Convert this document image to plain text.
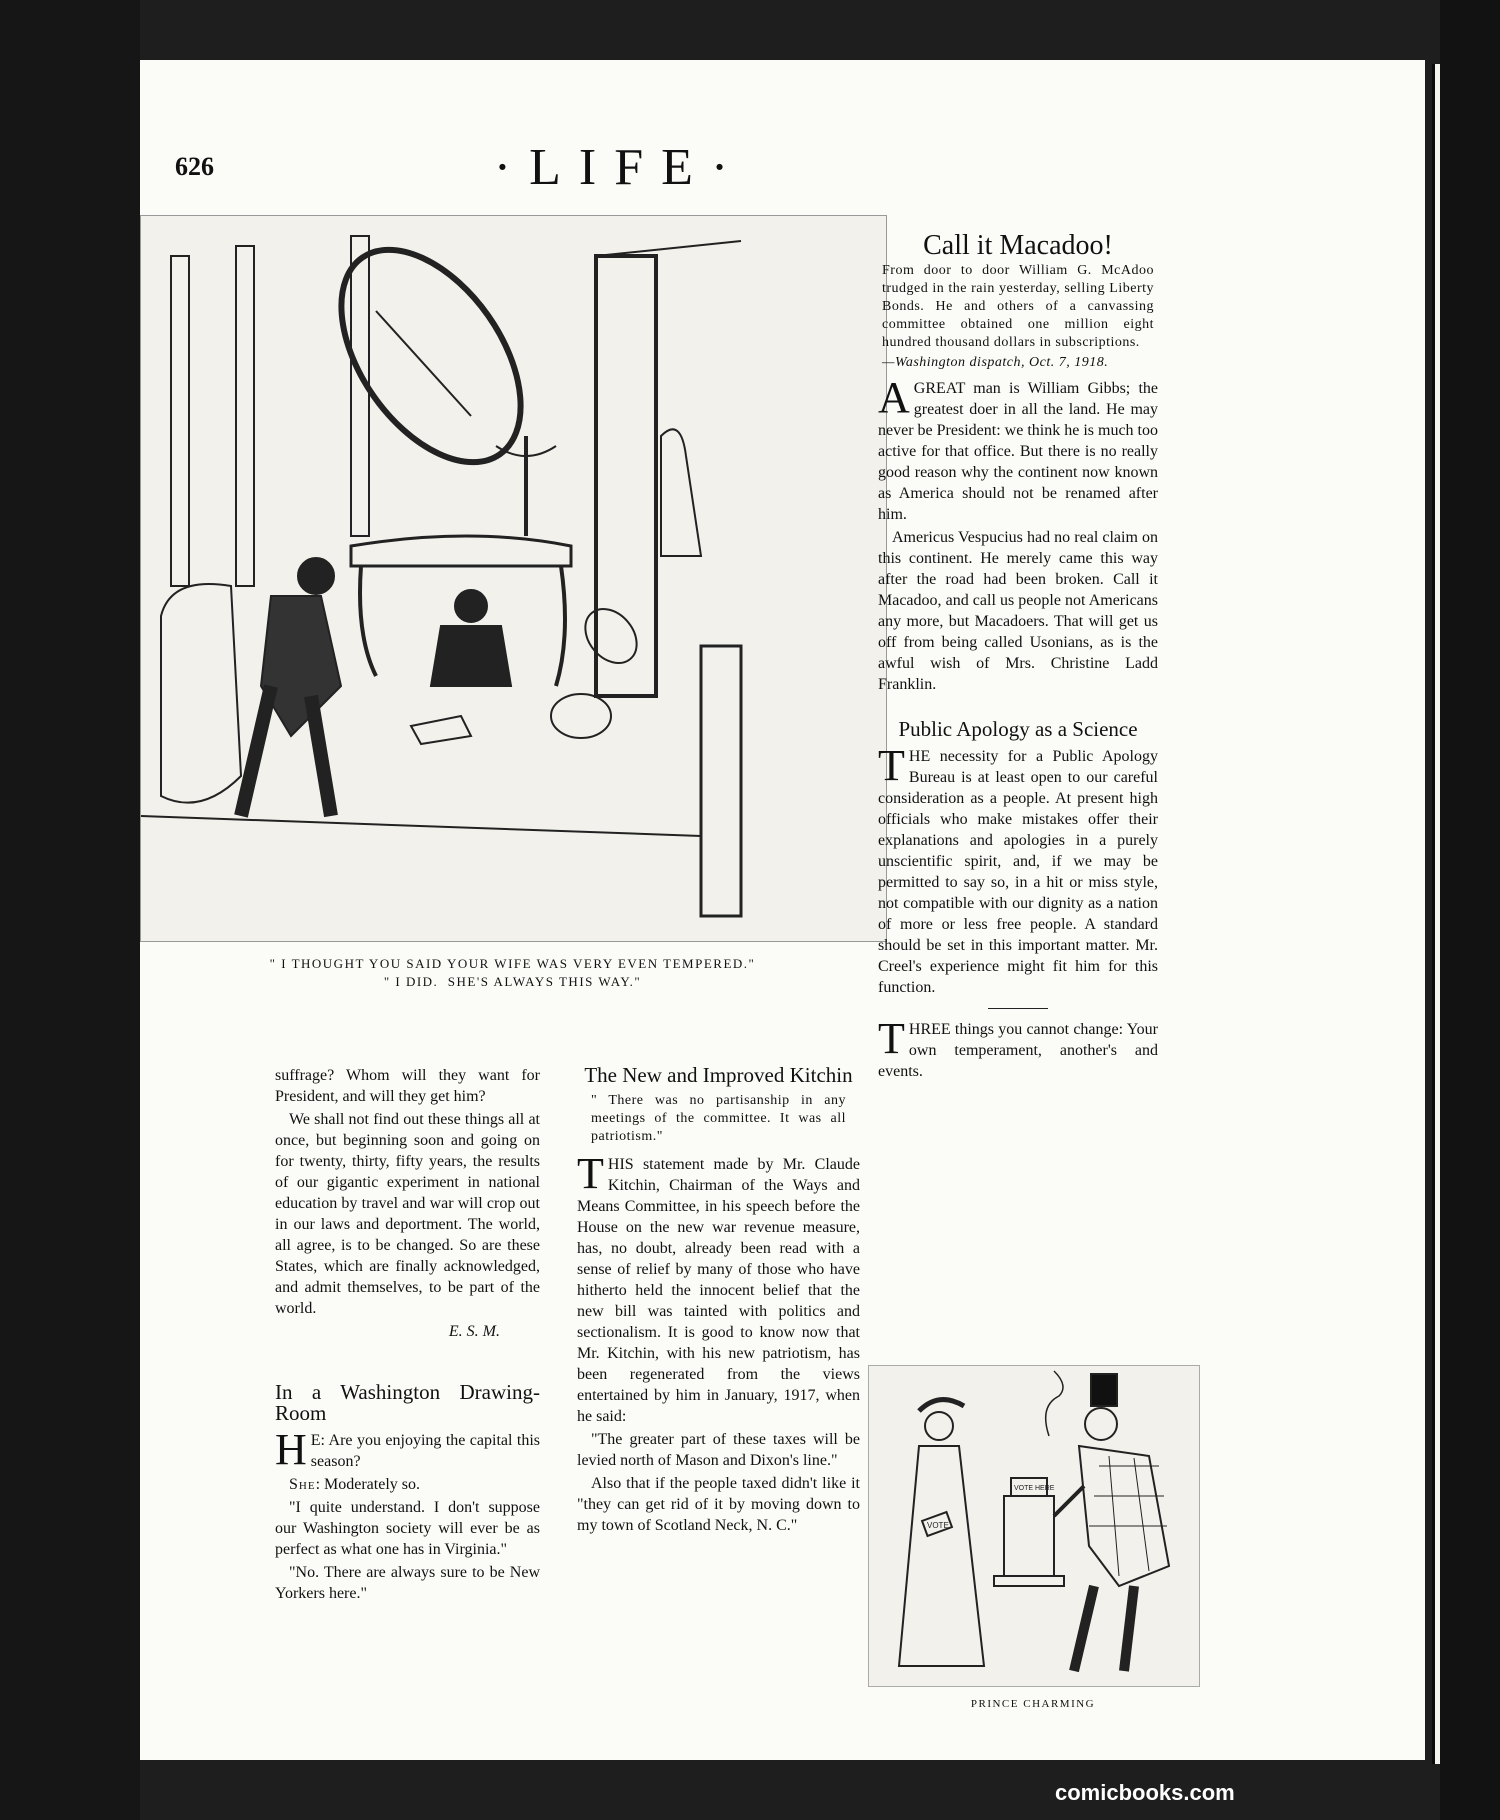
626	·LIFE·
" I THOUGHT YOU SAID YOUR WIFE WAS VERY EVEN TEMPERED."
" I DID.  SHE'S ALWAYS THIS WAY."

suffrage? Whom will they want for President, and will they get him?

We shall not find out these things all at once, but beginning soon and going on for twenty, thirty, fifty years, the results of our gigantic experiment in national education by travel and war will crop out in our laws and deportment. The world, all agree, is to be changed. So are these States, which are finally acknowledged, and admit themselves, to be part of the world.

E. S. M.
In a Washington Drawing-Room

H E: Are you enjoying the capital this season?

She: Moderately so.

"I quite understand. I don't suppose our Washington society will ever be as perfect as what one has in Virginia."

"No. There are always sure to be New Yorkers here."

The New and Improved Kitchin
" There was no partisanship in any meetings of the committee. It was all patriotism."

THIS statement made by Mr. Claude Kitchin, Chairman of the Ways and Means Committee, in his speech before the House on the new war revenue measure, has, no doubt, already been read with a sense of relief by many of those who have hitherto held the innocent belief that the new bill was tainted with politics and sectionalism. It is good to know now that Mr. Kitchin, with his new patriotism, has been regenerated from the views entertained by him in January, 1917, when he said:

"The greater part of these taxes will be levied north of Mason and Dixon's line."

Also that if the people taxed didn't like it "they can get rid of it by moving down to my town of Scotland Neck, N. C."

Call it Macadoo!
From door to door William G. McAdoo trudged in the rain yesterday, selling Liberty Bonds. He and others of a canvassing committee obtained one million eight hundred thousand dollars in subscriptions.
—Washington dispatch, Oct. 7, 1918.

AGREAT man is William Gibbs; the greatest doer in all the land. He may never be President: we think he is much too active for that office. But there is no really good reason why the continent now known as America should not be renamed after him.

Americus Vespucius had no real claim on this continent. He merely came this way after the road had been broken. Call it Macadoo, and call us people not Americans any more, but Macadoers. That will get us off from being called Usonians, as is the awful wish of Mrs. Christine Ladd Franklin.

Public Apology as a Science

THE necessity for a Public Apology Bureau is at least open to our careful consideration as a people. At present high officials who make mistakes offer their explanations and apologies in a purely unscientific spirit, and, if we may be permitted to say so, in a hit or miss style, not compatible with our dignity as a nation of more or less free people. A standard should be set in this important matter. Mr. Creel's experience might fit him for this function.

THREE things you cannot change: Your own temperament, another's and events.

VOTE
VOTE HERE
PRINCE CHARMING
comicbooks.com
